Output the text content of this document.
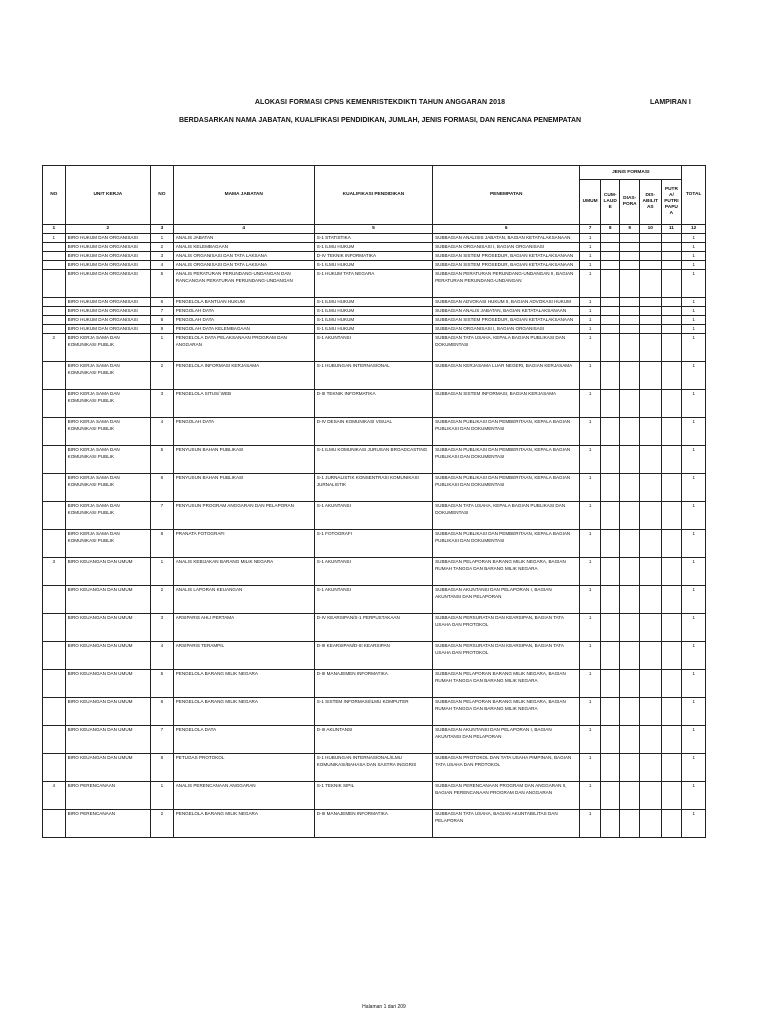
ALOKASI FORMASI CPNS KEMENRISTEKDIKTI TAHUN ANGGARAN 2018
BERDASARKAN NAMA JABATAN, KUALIFIKASI PENDIDIKAN, JUMLAH, JENIS FORMASI, DAN RENCANA PENEMPATAN
LAMPIRAN I
NO	UNIT KERJA	NO	MAMA JABATAN	KUALIFIKASI PENDIDIKAN	PENEMPATAN	JENIS FORMASI					TOTAL
						UMUM	CUM-LAUDE	DIAS-PORA	DIS-ABILITAS	PUTRA/ PUTRI PAPUA	
1	2	3	4	5	6	7	8	9	10	11	12
1	BIRO HUKUM DAN ORGANISASI	1	ANALIS JABATAN	S-1 STATISTIKA	SUBBAGIAN ANALISIS JABATAN, BAGIAN KETATALAKSANAAN	1					1
	BIRO HUKUM DAN ORGANISASI	2	ANALIS KELEMBAGAAN	S-1 ILMU HUKUM	SUBBAGIAN ORGANISASI I, BAGIAN ORGANISASI	1					1
	BIRO HUKUM DAN ORGANISASI	3	ANALIS ORGANISASI DAN TATA LAKSANA	D-IV TEKNIK INFORMATIKA	SUBBAGIAN SISTEM PROSEDUR, BAGIAN KETATALAKSANAAN	1					1
	BIRO HUKUM DAN ORGANISASI	4	ANALIS ORGANISASI DAN TATA LAKSANA	S-1 ILMU HUKUM	SUBBAGIAN SISTEM PROSEDUR, BAGIAN KETATALAKSANAAN	1					1
	BIRO HUKUM DAN ORGANISASI	5	ANALIS PERATURAN PERUNDANG-UNDANGAN DAN RANCANGAN PERATURAN PERUNDANG-UNDANGAN	S-1 HUKUM TATA NEGARA	SUBBAGIAN PERATURAN PERUNDANG-UNDANGAN II, BAGIAN PERATURAN PERUNDANG-UNDANGAN	1					1
	BIRO HUKUM DAN ORGANISASI	6	PENGELOLA BANTUAN HUKUM	S-1 ILMU HUKUM	SUBBAGIAN ADVOKASI HUKUM II, BAGIAN ADVOKASI HUKUM	1					1
	BIRO HUKUM DAN ORGANISASI	7	PENGOLAH DATA	S-1 ILMU HUKUM	SUBBAGIAN ANALIS JABATAN, BAGIAN KETATALAKSANAAN	1					1
	BIRO HUKUM DAN ORGANISASI	8	PENGOLAH DATA	S-1 ILMU HUKUM	SUBBAGIAN SISTEM PROSEDUR, BAGIAN KETATALAKSANAAN	1					1
	BIRO HUKUM DAN ORGANISASI	9	PENGOLAH DATA KELEMBAGAAN	S-1 ILMU HUKUM	SUBBAGIAN ORGANISASI I, BAGIAN ORGANISASI	1					1
2	BIRO KERJA SAMA DAN KOMUNIKASI PUBLIK	1	PENGELOLA DATA PELAKSANAAN PROGRAM DAN ANGGARAN	S-1 AKUNTANSI	SUBBAGIAN TATA USAHA, KEPALA BAGIAN PUBLIKASI DAN DOKUMENTASI	1					1
	BIRO KERJA SAMA DAN KOMUNIKASI PUBLIK	2	PENGELOLA INFORMASI KERJASAMA	S-1 HUBUNGAN INTERNASIONAL	SUBBAGIAN KERJASAMA LUAR NEGERI, BAGIAN KERJASAMA	1					1
	BIRO KERJA SAMA DAN KOMUNIKASI PUBLIK	3	PENGELOLA SITUS/ WEB	D-III TEKNIK INFORMATIKA	SUBBAGIAN SISTEM INFORMASI, BAGIAN KERJASAMA	1					1
	BIRO KERJA SAMA DAN KOMUNIKASI PUBLIK	4	PENGOLAH DATA	D-IV DESAIN KOMUNIKASI VISUAL	SUBBAGIAN PUBLIKASI DAN PEMBERITAAN, KEPALA BAGIAN PUBLIKASI DAN DOKUMENTASI	1					1
	BIRO KERJA SAMA DAN KOMUNIKASI PUBLIK	5	PENYUSUN BAHAN PUBLIKASI	S-1 ILMU KOMUNIKASI JURUSAN BROADCASTING	SUBBAGIAN PUBLIKASI DAN PEMBERITAAN, KEPALA BAGIAN PUBLIKASI DAN DOKUMENTASI	1					1
	BIRO KERJA SAMA DAN KOMUNIKASI PUBLIK	6	PENYUSUN BAHAN PUBLIKASI	S-1 JURNALISTIK KONSENTRASI KOMUNIKASI JURNALISTIK	SUBBAGIAN PUBLIKASI DAN PEMBERITAAN, KEPALA BAGIAN PUBLIKASI DAN DOKUMENTASI	1					1
	BIRO KERJA SAMA DAN KOMUNIKASI PUBLIK	7	PENYUSUN PROGRAM ANGGARAN DAN PELAPORAN	S-1 AKUNTANSI	SUBBAGIAN TATA USAHA, KEPALA BAGIAN PUBLIKASI DAN DOKUMENTASI	1					1
	BIRO KERJA SAMA DAN KOMUNIKASI PUBLIK	8	PRANATA FOTOGRAFI	S-1 FOTOGRAFI	SUBBAGIAN PUBLIKASI DAN PEMBERITAAN, KEPALA BAGIAN PUBLIKASI DAN DOKUMENTASI	1					1
3	BIRO KEUANGAN DAN UMUM	1	ANALIS KEBIJAKAN BARANG MILIK NEGARA	S-1 AKUNTANSI	SUBBAGIAN PELAPORAN BARANG MILIK NEGARA, BAGIAN RUMAH TANGGA DAN BARANG MILIK NEGARA	1					1
	BIRO KEUANGAN DAN UMUM	2	ANALIS LAPORAN KEUANGAN	S-1 AKUNTANSI	SUBBAGIAN AKUNTANSI DAN PELAPORAN I, BAGIAN AKUNTANSI DAN PELAPORAN	1					1
	BIRO KEUANGAN DAN UMUM	3	ARSIPARIS AHLI PERTAMA	D-IV KEARSIPAN/S-1 PERPUSTAKAAN	SUBBAGIAN PERSURATAN DAN KEARSIPAN, BAGIAN TATA USAHA DAN PROTOKOL	1					1
	BIRO KEUANGAN DAN UMUM	4	ARSIPARIS TERAMPIL	D-III KEARSIPAN/D-III KEARSIPAN	SUBBAGIAN PERSURATAN DAN KEARSIPAN, BAGIAN TATA USAHA DAN PROTOKOL	1					1
	BIRO KEUANGAN DAN UMUM	5	PENGELOLA BARANG MILIK NEGARA	D-III MANAJEMEN INFORMATIKA	SUBBAGIAN PELAPORAN BARANG MILIK NEGARA, BAGIAN RUMAH TANGGA DAN BARANG MILIK NEGARA	1					1
	BIRO KEUANGAN DAN UMUM	6	PENGELOLA BARANG MILIK NEGARA	S-1 SISTEM INFORMASI/ILMU KOMPUTER	SUBBAGIAN PELAPORAN BARANG MILIK NEGARA, BAGIAN RUMAH TANGGA DAN BARANG MILIK NEGARA	1					1
	BIRO KEUANGAN DAN UMUM	7	PENGELOLA DATA	D-III AKUNTANSI	SUBBAGIAN AKUNTANSI DAN PELAPORAN I, BAGIAN AKUNTANSI DAN PELAPORAN	1					1
	BIRO KEUANGAN DAN UMUM	8	PETUGAS PROTOKOL	S-1 HUBUNGAN INTERNASIONAL/ILMU KOMUNIKASI/BAHASA DAN SASTRA INGGRIS	SUBBAGIAN PROTOKOL DAN TATA USAHA PIMPINAN, BAGIAN TATA USAHA DAN PROTOKOL	1					1
4	BIRO PERENCANAAN	1	ANALIS PERENCANAAN ANGGARAN	S-1 TEKNIK SIPIL	SUBBAGIAN PERENCANAAN PROGRAM DAN ANGGARAN II, BAGIAN PERENCANAAN PROGRAM DAN ANGGARAN	1					1
	BIRO PERENCANAAN	2	PENGELOLA BARANG MILIK NEGARA	D-III MANAJEMEN INFORMATIKA	SUBBAGIAN TATA USAHA, BAGIAN AKUNTABILITAS DAN PELAPORAN	1					1
Halaman 1 dari 209
